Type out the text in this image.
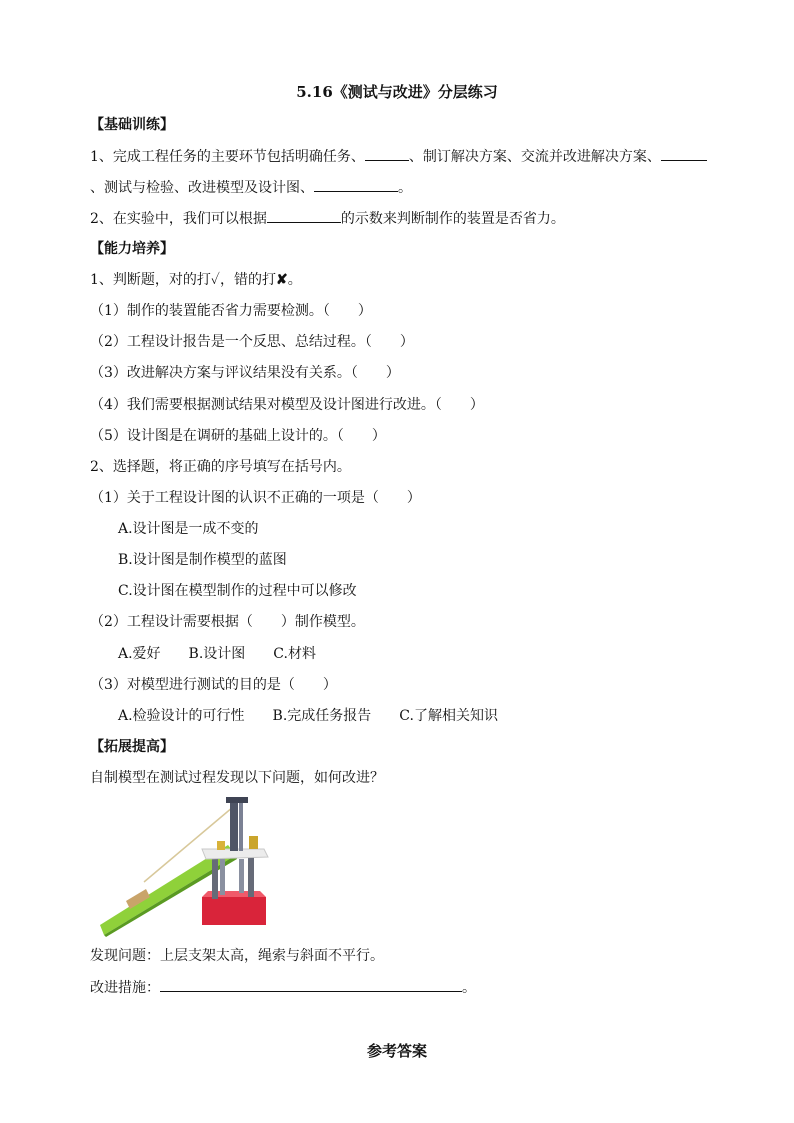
5.16《测试与改进》分层练习
【基础训练】
1、完成工程任务的主要环节包括明确任务、	、制订解决方案、交流并改进解决方案、
、测试与检验、改进模型及设计图、	。
2、在实验中，我们可以根据	的示数来判断制作的装置是否省力。
【能力培养】
1、判断题，对的打✓，错的打✘。
（1）制作的装置能否省力需要检测。（　　）
（2）工程设计报告是一个反思、总结过程。（　　）
（3）改进解决方案与评议结果没有关系。（　　）
（4）我们需要根据测试结果对模型及设计图进行改进。（　　）
（5）设计图是在调研的基础上设计的。（　　）
2、选择题，将正确的序号填写在括号内。
（1）关于工程设计图的认识不正确的一项是（　　）
A.设计图是一成不变的
B.设计图是制作模型的蓝图
C.设计图在模型制作的过程中可以修改
（2）工程设计需要根据（　　）制作模型。
A.爱好　　B.设计图　　C.材料
（3）对模型进行测试的目的是（　　）
A.检验设计的可行性　　B.完成任务报告　　C.了解相关知识
【拓展提高】
自制模型在测试过程发现以下问题，如何改进？
发现问题：上层支架太高，绳索与斜面不平行。
改进措施：	。
参考答案
